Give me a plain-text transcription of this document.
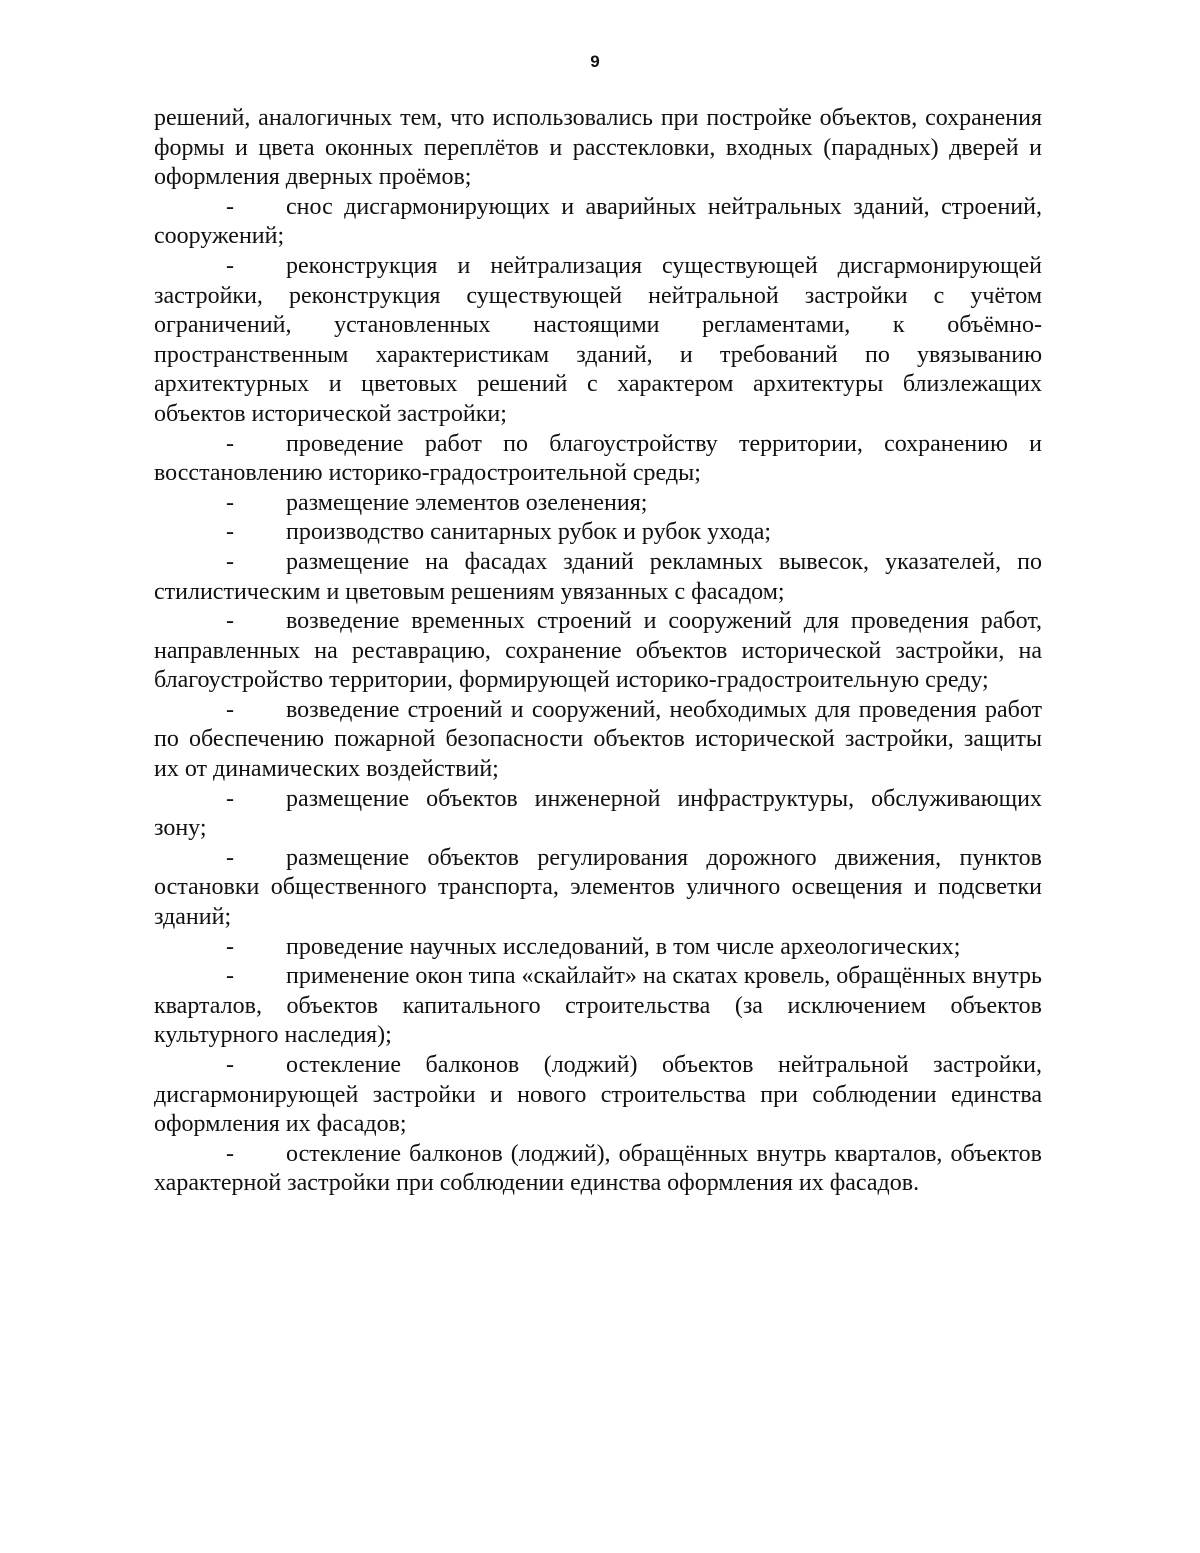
9

решений, аналогичных тем, что использовались при постройке объектов, сохранения формы и цвета оконных переплётов и расстекловки, входных (парадных) дверей и оформления дверных проёмов;

- снос дисгармонирующих и аварийных нейтральных зданий, строений, сооружений;

- реконструкция и нейтрализация существующей дисгармонирующей застройки, реконструкция существующей нейтральной застройки с учётом ограничений, установленных настоящими регламентами, к объёмно-пространственным характеристикам зданий, и требований по увязыванию архитектурных и цветовых решений с характером архитектуры близлежащих объектов исторической застройки;

- проведение работ по благоустройству территории, сохранению и восстановлению историко-градостроительной среды;

- размещение элементов озеленения;

- производство санитарных рубок и рубок ухода;

- размещение на фасадах зданий рекламных вывесок, указателей, по стилистическим и цветовым решениям увязанных с фасадом;

- возведение временных строений и сооружений для проведения работ, направленных на реставрацию, сохранение объектов исторической застройки, на благоустройство территории, формирующей историко-градостроительную среду;

- возведение строений и сооружений, необходимых для проведения работ по обеспечению пожарной безопасности объектов исторической застройки, защиты их от динамических воздействий;

- размещение объектов инженерной инфраструктуры, обслуживающих зону;

- размещение объектов регулирования дорожного движения, пунктов остановки общественного транспорта, элементов уличного освещения и подсветки зданий;

- проведение научных исследований, в том числе археологических;

- применение окон типа «скайлайт» на скатах кровель, обращённых внутрь кварталов, объектов капитального строительства (за исключением объектов культурного наследия);

- остекление балконов (лоджий) объектов нейтральной застройки, дисгармонирующей застройки и нового строительства при соблюдении единства оформления их фасадов;

- остекление балконов (лоджий), обращённых внутрь кварталов, объектов характерной застройки при соблюдении единства оформления их фасадов.
